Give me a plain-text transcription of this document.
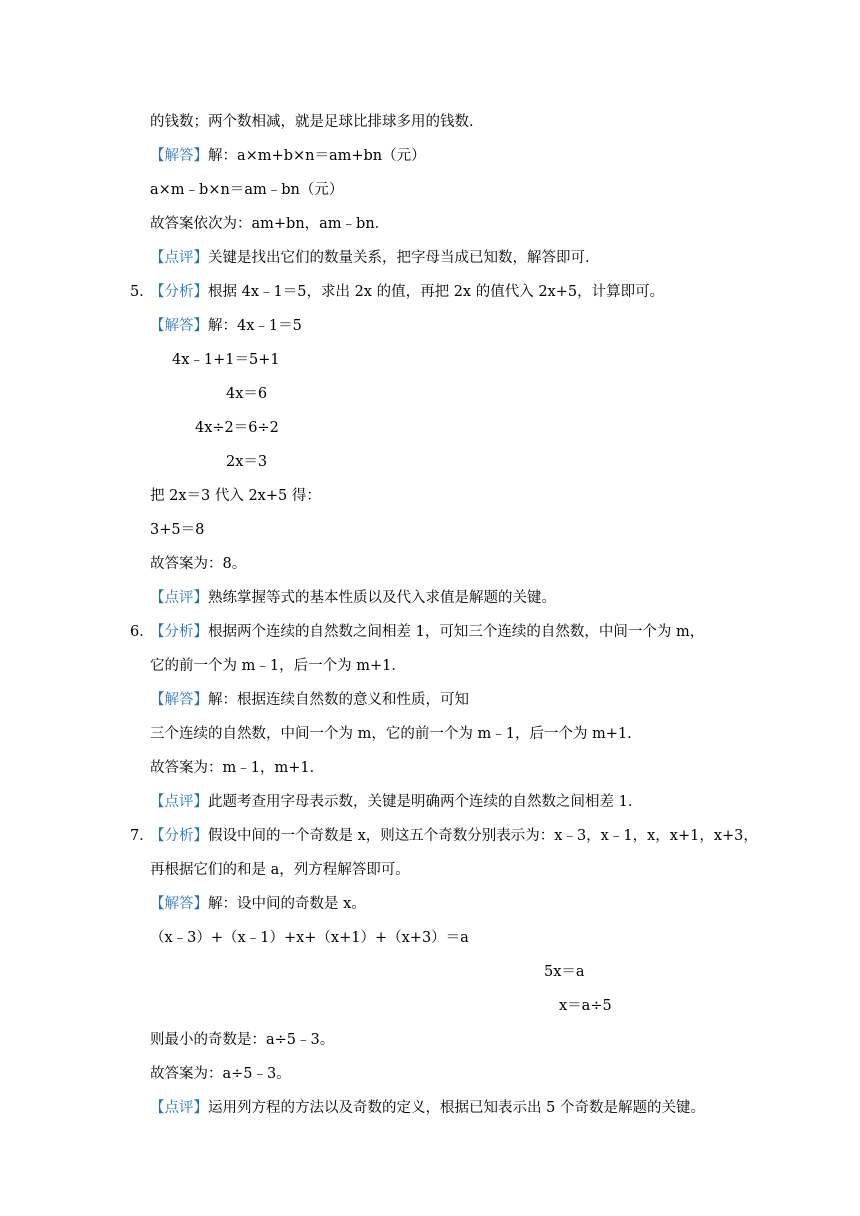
的钱数；两个数相减，就是足球比排球多用的钱数．
【解答】解：a×m+b×n＝am+bn（元）
a×m﹣b×n＝am﹣bn（元）
故答案依次为：am+bn，am﹣bn．
【点评】关键是找出它们的数量关系，把字母当成已知数，解答即可．
5．
【分析】根据 4x﹣1＝5，求出 2x 的值，再把 2x 的值代入 2x+5，计算即可。
【解答】解：4x﹣1＝5
4x﹣1+1＝5+1
4x＝6
4x÷2＝6÷2
2x＝3
把 2x＝3 代入 2x+5 得：
3+5＝8
故答案为：8。
【点评】熟练掌握等式的基本性质以及代入求值是解题的关键。
6．
【分析】根据两个连续的自然数之间相差 1，可知三个连续的自然数，中间一个为 m，
它的前一个为 m﹣1，后一个为 m+1．
【解答】解：根据连续自然数的意义和性质，可知
三个连续的自然数，中间一个为 m，它的前一个为 m﹣1，后一个为 m+1．
故答案为：m﹣1，m+1．
【点评】此题考查用字母表示数，关键是明确两个连续的自然数之间相差 1．
7．
【分析】假设中间的一个奇数是 x，则这五个奇数分别表示为：x﹣3，x﹣1，x，x+1，x+3，
再根据它们的和是 a，列方程解答即可。
【解答】解：设中间的奇数是 x。
（x﹣3）+（x﹣1）+x+（x+1）+（x+3）＝a
5x＝a
x＝a÷5
则最小的奇数是：a÷5﹣3。
故答案为：a÷5﹣3。
【点评】运用列方程的方法以及奇数的定义，根据已知表示出 5 个奇数是解题的关键。
